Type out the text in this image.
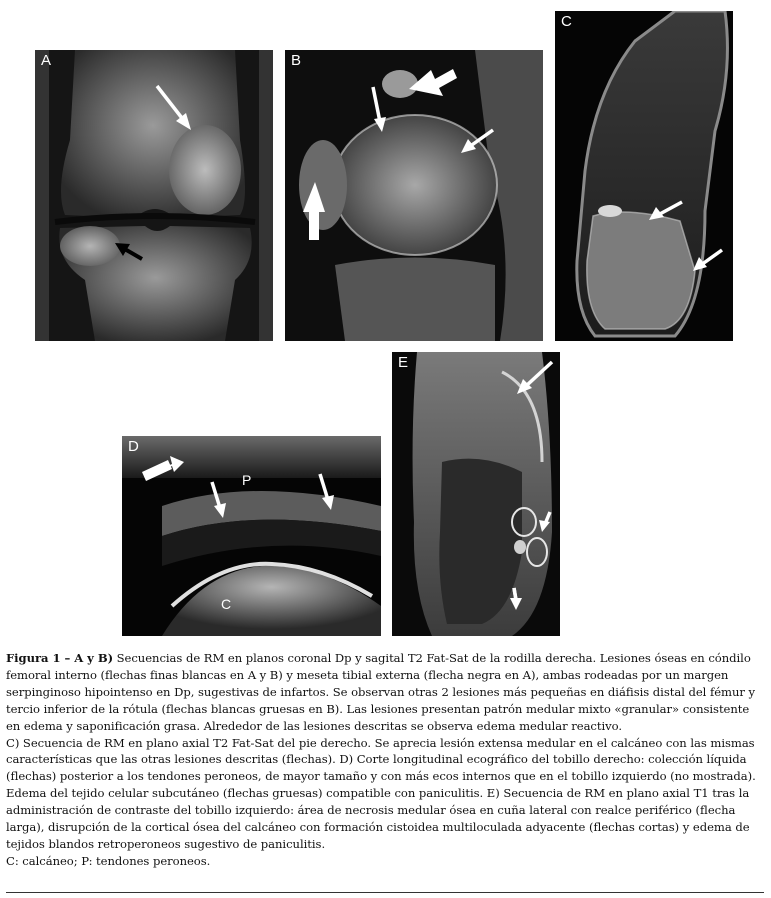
A	B
C
D
P
C
E
Figura 1 – A y B) Secuencias de RM en planos coronal Dp y sagital T2 Fat-Sat de la rodilla derecha. Lesiones óseas en cóndilo femoral interno (flechas finas blancas en A y B) y meseta tibial externa (flecha negra en A), ambas rodeadas por un margen serpinginoso hipointenso en Dp, sugestivas de infartos. Se observan otras 2 lesiones más pequeñas en diáfisis distal del fémur y tercio inferior de la rótula (flechas blancas gruesas en B). Las lesiones presentan patrón medular mixto «granular» consistente en edema y saponificación grasa. Alrededor de las lesiones descritas se observa edema medular reactivo.
C) Secuencia de RM en plano axial T2 Fat-Sat del pie derecho. Se aprecia lesión extensa medular en el calcáneo con las mismas características que las otras lesiones descritas (flechas). D) Corte longitudinal ecográfico del tobillo derecho: colección líquida (flechas) posterior a los tendones peroneos, de mayor tamaño y con más ecos internos que en el tobillo izquierdo (no mostrada). Edema del tejido celular subcutáneo (flechas gruesas) compatible con paniculitis. E) Secuencia de RM en plano axial T1 tras la administración de contraste del tobillo izquierdo: área de necrosis medular ósea en cuña lateral con realce periférico (flecha larga), disrupción de la cortical ósea del calcáneo con formación cistoidea multiloculada adyacente (flechas cortas) y edema de tejidos blandos retroperoneos sugestivo de paniculitis.
C: calcáneo; P: tendones peroneos.
